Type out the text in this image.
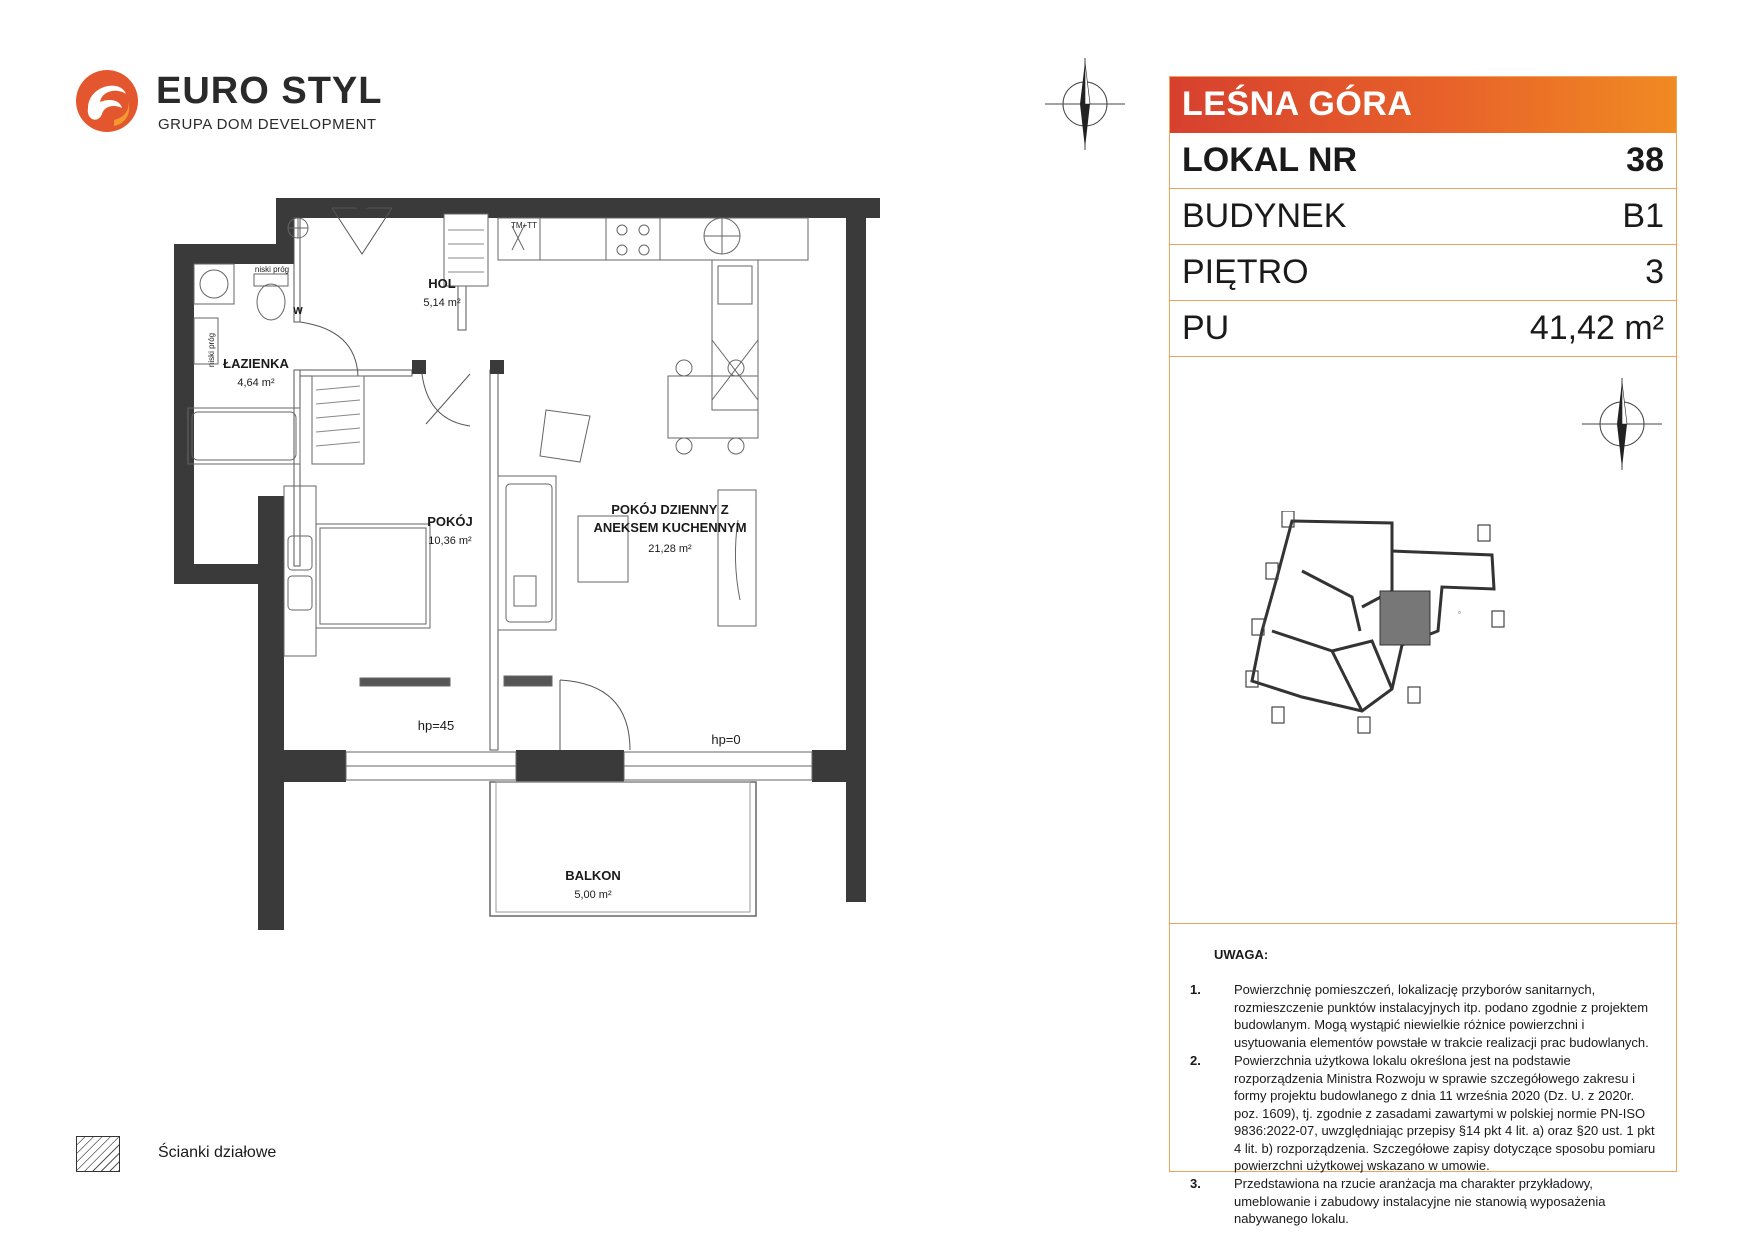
EURO STYL
GRUPA DOM DEVELOPMENT
HOL
5,14 m²
ŁAZIENKA
4,64 m²
POKÓJ
10,36 m²
POKÓJ DZIENNY Z
ANEKSEM KUCHENNYM
21,28 m²
BALKON
5,00 m²
hp=45
hp=0
TM+TT
niski próg
niski próg
W
LEŚNA GÓRA
LOKAL NR	38
BUDYNEK	B1
PIĘTRO	3
PU	41,42 m²
▫
UWAGA:
1.	Powierzchnię pomieszczeń, lokalizację przyborów sanitarnych, rozmieszczenie punktów instalacyjnych itp. podano zgodnie z projektem budowlanym. Mogą wystąpić niewielkie różnice powierzchni i usytuowania elementów powstałe w trakcie realizacji prac budowlanych.
2.	Powierzchnia użytkowa lokalu określona jest na podstawie rozporządzenia Ministra Rozwoju w sprawie szczegółowego zakresu i formy projektu budowlanego z dnia 11 września 2020 (Dz. U. z 2020r. poz. 1609), tj. zgodnie z zasadami zawartymi w polskiej normie PN-ISO 9836:2022-07, uwzględniając przepisy §14 pkt 4 lit. a) oraz §20 ust. 1 pkt 4 lit. b) rozporządzenia. Szczegółowe zapisy dotyczące sposobu pomiaru powierzchni użytkowej wskazano w umowie.
3.	Przedstawiona na rzucie aranżacja ma charakter przykładowy, umeblowanie i zabudowy instalacyjne nie stanowią wyposażenia nabywanego lokalu.
Ścianki działowe
